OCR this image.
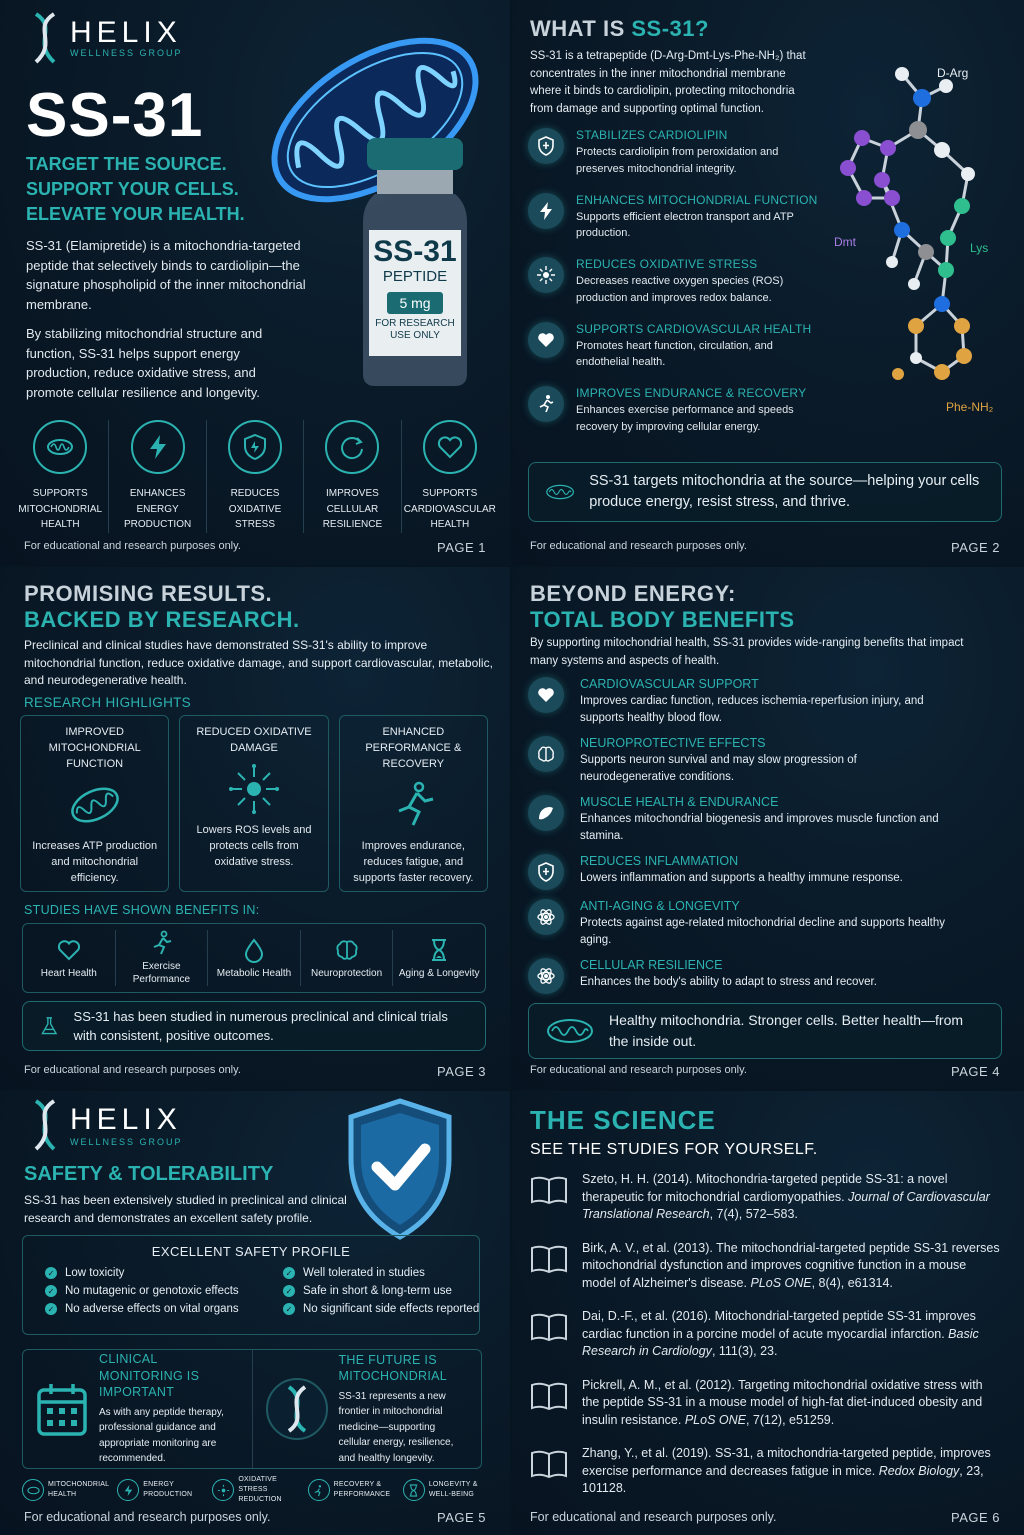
HELIX
WELLNESS GROUP
SS-31
TARGET THE SOURCE.
SUPPORT YOUR CELLS.
ELEVATE YOUR HEALTH.
SS-31
PEPTIDE
5 mg
FOR RESEARCH
USE ONLY

SS-31 (Elamipretide) is a mitochondria-targeted peptide that selectively binds to cardiolipin—the signature phospholipid of the inner mitochondrial membrane.

By stabilizing mitochondrial structure and function, SS-31 helps support energy production, reduce oxidative stress, and promote cellular resilience and longevity.

SUPPORTS MITOCHONDRIAL HEALTH
ENHANCES ENERGY PRODUCTION
REDUCES OXIDATIVE STRESS
IMPROVES CELLULAR RESILIENCE
SUPPORTS CARDIOVASCULAR HEALTH
For educational and research purposes only.	PAGE 1
WHAT IS SS-31?
SS-31 is a tetrapeptide (D-Arg-Dmt-Lys-Phe-NH₂) that concentrates in the inner mitochondrial membrane where it binds to cardiolipin, protecting mitochondria from damage and supporting optimal function.
STABILIZES CARDIOLIPIN
Protects cardiolipin from peroxidation and preserves mitochondrial integrity.
ENHANCES MITOCHONDRIAL FUNCTION
Supports efficient electron transport and ATP production.
REDUCES OXIDATIVE STRESS
Decreases reactive oxygen species (ROS) production and improves redox balance.
SUPPORTS CARDIOVASCULAR HEALTH
Promotes heart function, circulation, and endothelial health.
IMPROVES ENDURANCE & RECOVERY
Enhances exercise performance and speeds recovery by improving cellular energy.
D-Arg
Dmt	Lys
Phe-NH₂
SS-31 targets mitochondria at the source—helping your cells produce energy, resist stress, and thrive.
For educational and research purposes only.	PAGE 2
PROMISING RESULTS.
BACKED BY RESEARCH.
Preclinical and clinical studies have demonstrated SS-31's ability to improve mitochondrial function, reduce oxidative damage, and support cardiovascular, metabolic, and neurodegenerative health.
RESEARCH HIGHLIGHTS
IMPROVED MITOCHONDRIAL FUNCTION
Increases ATP production and mitochondrial efficiency.
REDUCED OXIDATIVE DAMAGE
Lowers ROS levels and protects cells from oxidative stress.
ENHANCED PERFORMANCE & RECOVERY
Improves endurance, reduces fatigue, and supports faster recovery.
STUDIES HAVE SHOWN BENEFITS IN:
Heart Health
Exercise Performance
Metabolic Health Neuroprotection Aging & Longevity
SS-31 has been studied in numerous preclinical and clinical trials with consistent, positive outcomes.
For educational and research purposes only.	PAGE 3
BEYOND ENERGY:
TOTAL BODY BENEFITS
By supporting mitochondrial health, SS-31 provides wide-ranging benefits that impact many systems and aspects of health.
CARDIOVASCULAR SUPPORT
Improves cardiac function, reduces ischemia-reperfusion injury, and supports healthy blood flow.
NEUROPROTECTIVE EFFECTS
Supports neuron survival and may slow progression of neurodegenerative conditions.
MUSCLE HEALTH & ENDURANCE
Enhances mitochondrial biogenesis and improves muscle function and stamina.
REDUCES INFLAMMATION
Lowers inflammation and supports a healthy immune response.
ANTI-AGING & LONGEVITY
Protects against age-related mitochondrial decline and supports healthy aging.
CELLULAR RESILIENCE
Enhances the body's ability to adapt to stress and recover.
Healthy mitochondria. Stronger cells. Better health—from the inside out.
For educational and research purposes only.	PAGE 4
HELIX
WELLNESS GROUP
SAFETY & TOLERABILITY
SS-31 has been extensively studied in preclinical and clinical research and demonstrates an excellent safety profile.
EXCELLENT SAFETY PROFILE
✓ Low toxicity	✓ Well tolerated in studies
✓ No mutagenic or genotoxic effects	✓ Safe in short & long-term use
✓ No adverse effects on vital organs	✓ No significant side effects reported
CLINICAL MONITORING IS IMPORTANT
As with any peptide therapy, professional guidance and appropriate monitoring are recommended.
THE FUTURE IS MITOCHONDRIAL
SS-31 represents a new frontier in mitochondrial medicine—supporting cellular energy, resilience, and healthy longevity.
MITOCHONDRIAL HEALTH
ENERGY PRODUCTION
OXIDATIVE STRESS REDUCTION
RECOVERY & PERFORMANCE
LONGEVITY & WELL-BEING
For educational and research purposes only.	PAGE 5
THE SCIENCE
SEE THE STUDIES FOR YOURSELF.
Szeto, H. H. (2014). Mitochondria-targeted peptide SS-31: a novel therapeutic for mitochondrial cardiomyopathies. Journal of Cardiovascular Translational Research, 7(4), 572–583.
Birk, A. V., et al. (2013). The mitochondrial-targeted peptide SS-31 reverses mitochondrial dysfunction and improves cognitive function in a mouse model of Alzheimer's disease. PLoS ONE, 8(4), e61314.
Dai, D.-F., et al. (2016). Mitochondrial-targeted peptide SS-31 improves cardiac function in a porcine model of acute myocardial infarction. Basic Research in Cardiology, 111(3), 23.
Pickrell, A. M., et al. (2012). Targeting mitochondrial oxidative stress with the peptide SS-31 in a mouse model of high-fat diet-induced obesity and insulin resistance. PLoS ONE, 7(12), e51259.
Zhang, Y., et al. (2019). SS-31, a mitochondria-targeted peptide, improves exercise performance and decreases fatigue in mice. Redox Biology, 23, 101128.
For educational and research purposes only.	PAGE 6
